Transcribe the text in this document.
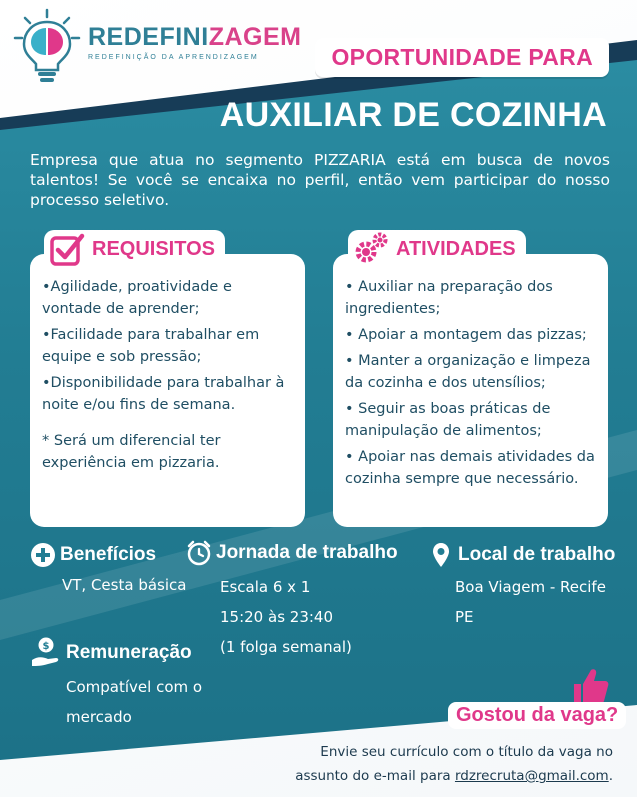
REDEFINIZAGEM
REDEFINIÇÃO DA APRENDIZAGEM	OPORTUNIDADE PARA
AUXILIAR DE COZINHA
Empresa que atua no segmento PIZZARIA está em busca de novos talentos! Se você se encaixa no perfil, então vem participar do nosso processo seletivo.
•Agilidade, proatividade e vontade de aprender;
•Facilidade para trabalhar em equipe e sob pressão;
•Disponibilidade para trabalhar à noite e/ou fins de semana.
* Será um diferencial ter experiência em pizzaria.
REQUISITOS
• Auxiliar na preparação dos ingredientes;
• Apoiar a montagem das pizzas;
• Manter a organização e limpeza da cozinha e dos utensílios;
• Seguir as boas práticas de manipulação de alimentos;
• Apoiar nas demais atividades da cozinha sempre que necessário.
ATIVIDADES
Benefícios
VT, Cesta básica
Jornada de trabalho
Escala 6 x 1
15:20 às 23:40
(1 folga semanal)
Local de trabalho
Boa Viagem - Recife
PE
$ Remuneração
Compatível com o
mercado	Gostou da vaga?
Envie seu currículo com o título da vaga no
assunto do e-mail para rdzrecruta@gmail.com.
